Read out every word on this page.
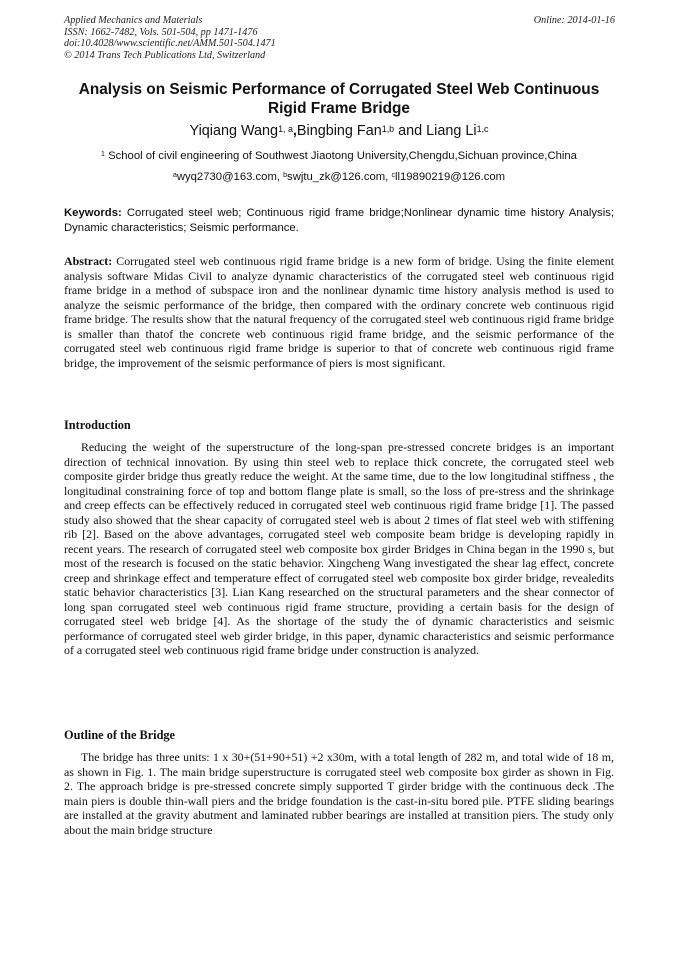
Applied Mechanics and Materials
ISSN: 1662-7482, Vols. 501-504, pp 1471-1476
doi:10.4028/www.scientific.net/AMM.501-504.1471
© 2014 Trans Tech Publications Ltd, Switzerland
Online: 2014-01-16
Analysis on Seismic Performance of Corrugated Steel Web Continuous Rigid Frame Bridge
Yiqiang Wang$^{1, a}$,Bingbing Fan$^{1,b}$ and Liang Li$^{1,c}$
$^1$ School of civil engineering of Southwest Jiaotong University,Chengdu,Sichuan province,China
$^a$wyq2730@163.com, $^b$swjtu_zk@126.com, $^c$ll19890219@126.com
Keywords: Corrugated steel web; Continuous rigid frame bridge;Nonlinear dynamic time history Analysis; Dynamic characteristics; Seismic performance.
Abstract: Corrugated steel web continuous rigid frame bridge is a new form of bridge. Using the finite element analysis software Midas Civil to analyze dynamic characteristics of the corrugated steel web continuous rigid frame bridge in a method of subspace iron and the nonlinear dynamic time history analysis method is used to analyze the seismic performance of the bridge, then compared with the ordinary concrete web continuous rigid frame bridge. The results show that the natural frequency of the corrugated steel web continuous rigid frame bridge is smaller than thatof the concrete web continuous rigid frame bridge, and the seismic performance of the corrugated steel web continuous rigid frame bridge is superior to that of concrete web continuous rigid frame bridge, the improvement of the seismic performance of piers is most significant.
Introduction
Reducing the weight of the superstructure of the long-span pre-stressed concrete bridges is an important direction of technical innovation. By using thin steel web to replace thick concrete, the corrugated steel web composite girder bridge thus greatly reduce the weight. At the same time, due to the low longitudinal stiffness , the longitudinal constraining force of top and bottom flange plate is small, so the loss of pre-stress and the shrinkage and creep effects can be effectively reduced in corrugated steel web continuous rigid frame bridge [1]. The passed study also showed that the shear capacity of corrugated steel web is about 2 times of flat steel web with stiffening rib [2]. Based on the above advantages, corrugated steel web composite beam bridge is developing rapidly in recent years. The research of corrugated steel web composite box girder Bridges in China began in the 1990 s, but most of the research is focused on the static behavior. Xingcheng Wang investigated the shear lag effect, concrete creep and shrinkage effect and temperature effect of corrugated steel web composite box girder bridge, revealedits static behavior characteristics [3]. Lian Kang researched on the structural parameters and the shear connector of long span corrugated steel web continuous rigid frame structure, providing a certain basis for the design of corrugated steel web bridge [4]. As the shortage of the study the of dynamic characteristics and seismic performance of corrugated steel web girder bridge, in this paper, dynamic characteristics and seismic performance of a corrugated steel web continuous rigid frame bridge under construction is analyzed.
Outline of the Bridge
The bridge has three units: 1 x 30+(51+90+51) +2 x30m, with a total length of 282 m, and total wide of 18 m, as shown in Fig. 1. The main bridge superstructure is corrugated steel web composite box girder as shown in Fig. 2. The approach bridge is pre-stressed concrete simply supported T girder bridge with the continuous deck .The main piers is double thin-wall piers and the bridge foundation is the cast-in-situ bored pile. PTFE sliding bearings are installed at the gravity abutment and laminated rubber bearings are installed at transition piers. The study only about the main bridge structure
